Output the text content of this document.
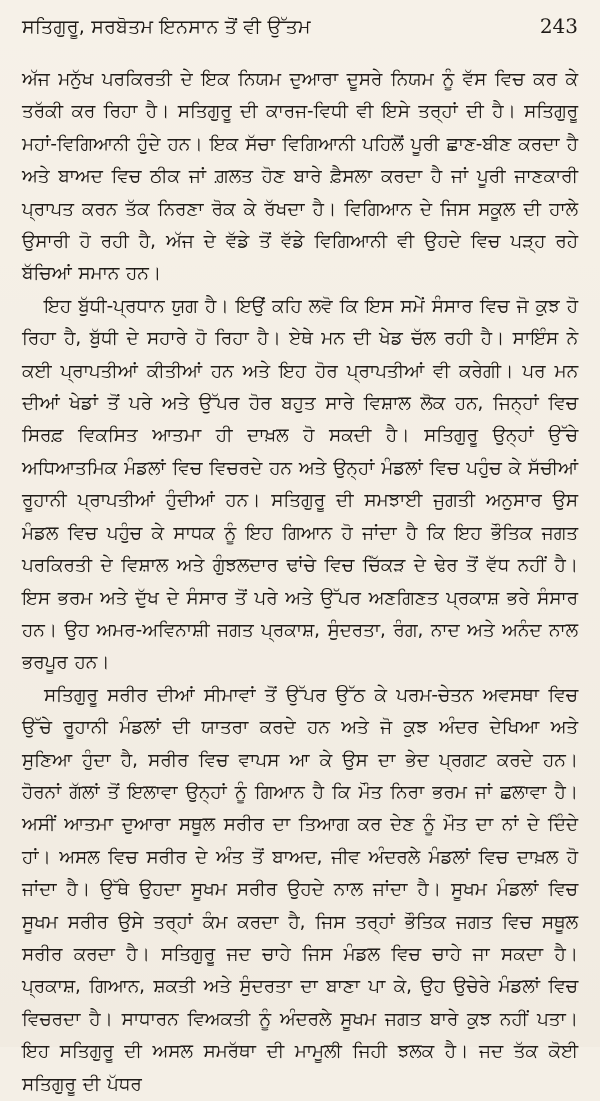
ਸਤਿਗੁਰੂ, ਸਰਬੋਤਮ ਇਨਸਾਨ ਤੋਂ ਵੀ ਉੱਤਮ	243

ਅੱਜ ਮਨੁੱਖ ਪਰਕਿਰਤੀ ਦੇ ਇਕ ਨਿਯਮ ਦੁਆਰਾ ਦੂਸਰੇ ਨਿਯਮ ਨੂੰ ਵੱਸ ਵਿਚ ਕਰ ਕੇ ਤਰੱਕੀ ਕਰ ਰਿਹਾ ਹੈ। ਸਤਿਗੁਰੂ ਦੀ ਕਾਰਜ-ਵਿਧੀ ਵੀ ਇਸੇ ਤਰ੍ਹਾਂ ਦੀ ਹੈ। ਸਤਿਗੁਰੂ ਮਹਾਂ-ਵਿਗਿਆਨੀ ਹੁੰਦੇ ਹਨ। ਇਕ ਸੱਚਾ ਵਿਗਿਆਨੀ ਪਹਿਲੋਂ ਪੂਰੀ ਛਾਣ-ਬੀਣ ਕਰਦਾ ਹੈ ਅਤੇ ਬਾਅਦ ਵਿਚ ਠੀਕ ਜਾਂ ਗ਼ਲਤ ਹੋਣ ਬਾਰੇ ਫ਼ੈਸਲਾ ਕਰਦਾ ਹੈ ਜਾਂ ਪੂਰੀ ਜਾਣਕਾਰੀ ਪ੍ਰਾਪਤ ਕਰਨ ਤੱਕ ਨਿਰਣਾ ਰੋਕ ਕੇ ਰੱਖਦਾ ਹੈ। ਵਿਗਿਆਨ ਦੇ ਜਿਸ ਸਕੂਲ ਦੀ ਹਾਲੇ ਉਸਾਰੀ ਹੋ ਰਹੀ ਹੈ, ਅੱਜ ਦੇ ਵੱਡੇ ਤੋਂ ਵੱਡੇ ਵਿਗਿਆਨੀ ਵੀ ਉਹਦੇ ਵਿਚ ਪੜ੍ਹ ਰਹੇ ਬੱਚਿਆਂ ਸਮਾਨ ਹਨ।

ਇਹ ਬੁੱਧੀ-ਪ੍ਰਧਾਨ ਯੁਗ ਹੈ। ਇਉਂ ਕਹਿ ਲਵੋ ਕਿ ਇਸ ਸਮੇਂ ਸੰਸਾਰ ਵਿਚ ਜੋ ਕੁਝ ਹੋ ਰਿਹਾ ਹੈ, ਬੁੱਧੀ ਦੇ ਸਹਾਰੇ ਹੋ ਰਿਹਾ ਹੈ। ਏਥੇ ਮਨ ਦੀ ਖੇਡ ਚੱਲ ਰਹੀ ਹੈ। ਸਾਇੰਸ ਨੇ ਕਈ ਪ੍ਰਾਪਤੀਆਂ ਕੀਤੀਆਂ ਹਨ ਅਤੇ ਇਹ ਹੋਰ ਪ੍ਰਾਪਤੀਆਂ ਵੀ ਕਰੇਗੀ। ਪਰ ਮਨ ਦੀਆਂ ਖੇਡਾਂ ਤੋਂ ਪਰੇ ਅਤੇ ਉੱਪਰ ਹੋਰ ਬਹੁਤ ਸਾਰੇ ਵਿਸ਼ਾਲ ਲੋਕ ਹਨ, ਜਿਨ੍ਹਾਂ ਵਿਚ ਸਿਰਫ਼ ਵਿਕਸਿਤ ਆਤਮਾ ਹੀ ਦਾਖ਼ਲ ਹੋ ਸਕਦੀ ਹੈ। ਸਤਿਗੁਰੂ ਉਨ੍ਹਾਂ ਉੱਚੇ ਅਧਿਆਤਮਿਕ ਮੰਡਲਾਂ ਵਿਚ ਵਿਚਰਦੇ ਹਨ ਅਤੇ ਉਨ੍ਹਾਂ ਮੰਡਲਾਂ ਵਿਚ ਪਹੁੰਚ ਕੇ ਸੱਚੀਆਂ ਰੂਹਾਨੀ ਪ੍ਰਾਪਤੀਆਂ ਹੁੰਦੀਆਂ ਹਨ। ਸਤਿਗੁਰੂ ਦੀ ਸਮਝਾਈ ਜੁਗਤੀ ਅਨੁਸਾਰ ਉਸ ਮੰਡਲ ਵਿਚ ਪਹੁੰਚ ਕੇ ਸਾਧਕ ਨੂੰ ਇਹ ਗਿਆਨ ਹੋ ਜਾਂਦਾ ਹੈ ਕਿ ਇਹ ਭੌਤਿਕ ਜਗਤ ਪਰਕਿਰਤੀ ਦੇ ਵਿਸ਼ਾਲ ਅਤੇ ਗੁੰਝਲਦਾਰ ਢਾਂਚੇ ਵਿਚ ਚਿੱਕੜ ਦੇ ਢੇਰ ਤੋਂ ਵੱਧ ਨਹੀਂ ਹੈ। ਇਸ ਭਰਮ ਅਤੇ ਦੁੱਖ ਦੇ ਸੰਸਾਰ ਤੋਂ ਪਰੇ ਅਤੇ ਉੱਪਰ ਅਣਗਿਣਤ ਪ੍ਰਕਾਸ਼ ਭਰੇ ਸੰਸਾਰ ਹਨ। ਉਹ ਅਮਰ-ਅਵਿਨਾਸ਼ੀ ਜਗਤ ਪ੍ਰਕਾਸ਼, ਸੁੰਦਰਤਾ, ਰੰਗ, ਨਾਦ ਅਤੇ ਅਨੰਦ ਨਾਲ ਭਰਪੂਰ ਹਨ।

ਸਤਿਗੁਰੂ ਸਰੀਰ ਦੀਆਂ ਸੀਮਾਵਾਂ ਤੋਂ ਉੱਪਰ ਉੱਠ ਕੇ ਪਰਮ-ਚੇਤਨ ਅਵਸਥਾ ਵਿਚ ਉੱਚੇ ਰੂਹਾਨੀ ਮੰਡਲਾਂ ਦੀ ਯਾਤਰਾ ਕਰਦੇ ਹਨ ਅਤੇ ਜੋ ਕੁਝ ਅੰਦਰ ਦੇਖਿਆ ਅਤੇ ਸੁਣਿਆ ਹੁੰਦਾ ਹੈ, ਸਰੀਰ ਵਿਚ ਵਾਪਸ ਆ ਕੇ ਉਸ ਦਾ ਭੇਦ ਪ੍ਰਗਟ ਕਰਦੇ ਹਨ। ਹੋਰਨਾਂ ਗੱਲਾਂ ਤੋਂ ਇਲਾਵਾ ਉਨ੍ਹਾਂ ਨੂੰ ਗਿਆਨ ਹੈ ਕਿ ਮੌਤ ਨਿਰਾ ਭਰਮ ਜਾਂ ਛਲਾਵਾ ਹੈ। ਅਸੀਂ ਆਤਮਾ ਦੁਆਰਾ ਸਥੂਲ ਸਰੀਰ ਦਾ ਤਿਆਗ ਕਰ ਦੇਣ ਨੂੰ ਮੌਤ ਦਾ ਨਾਂ ਦੇ ਦਿੰਦੇ ਹਾਂ। ਅਸਲ ਵਿਚ ਸਰੀਰ ਦੇ ਅੰਤ ਤੋਂ ਬਾਅਦ, ਜੀਵ ਅੰਦਰਲੇ ਮੰਡਲਾਂ ਵਿਚ ਦਾਖ਼ਲ ਹੋ ਜਾਂਦਾ ਹੈ। ਉੱਥੇ ਉਹਦਾ ਸੂਖਮ ਸਰੀਰ ਉਹਦੇ ਨਾਲ ਜਾਂਦਾ ਹੈ। ਸੂਖਮ ਮੰਡਲਾਂ ਵਿਚ ਸੂਖਮ ਸਰੀਰ ਉਸੇ ਤਰ੍ਹਾਂ ਕੰਮ ਕਰਦਾ ਹੈ, ਜਿਸ ਤਰ੍ਹਾਂ ਭੌਤਿਕ ਜਗਤ ਵਿਚ ਸਥੂਲ ਸਰੀਰ ਕਰਦਾ ਹੈ। ਸਤਿਗੁਰੂ ਜਦ ਚਾਹੇ ਜਿਸ ਮੰਡਲ ਵਿਚ ਚਾਹੇ ਜਾ ਸਕਦਾ ਹੈ। ਪ੍ਰਕਾਸ਼, ਗਿਆਨ, ਸ਼ਕਤੀ ਅਤੇ ਸੁੰਦਰਤਾ ਦਾ ਬਾਣਾ ਪਾ ਕੇ, ਉਹ ਉਚੇਰੇ ਮੰਡਲਾਂ ਵਿਚ ਵਿਚਰਦਾ ਹੈ। ਸਾਧਾਰਨ ਵਿਅਕਤੀ ਨੂੰ ਅੰਦਰਲੇ ਸੂਖਮ ਜਗਤ ਬਾਰੇ ਕੁਝ ਨਹੀਂ ਪਤਾ। ਇਹ ਸਤਿਗੁਰੂ ਦੀ ਅਸਲ ਸਮਰੱਥਾ ਦੀ ਮਾਮੂਲੀ ਜਿਹੀ ਝਲਕ ਹੈ। ਜਦ ਤੱਕ ਕੋਈ ਸਤਿਗੁਰੂ ਦੀ ਪੱਧਰ
